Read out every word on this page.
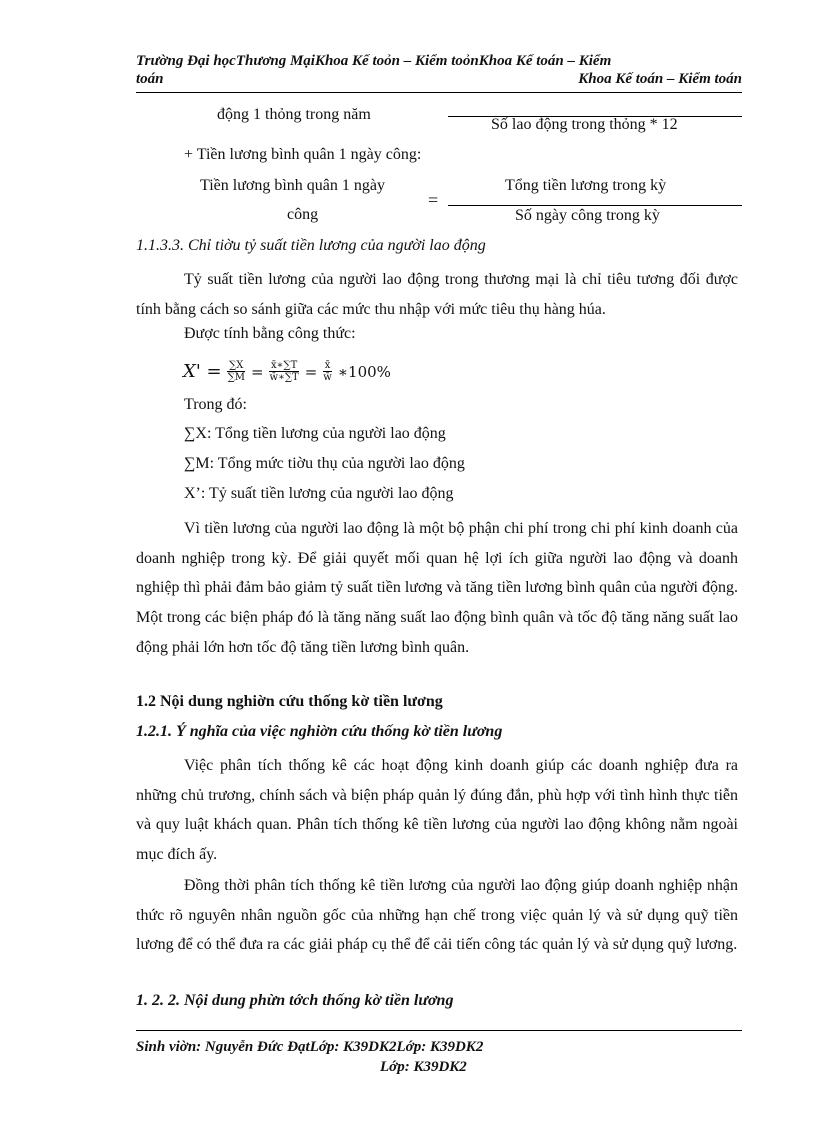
Trường Đại họcThương MạiKhoa Kế toỏn – Kiểm toỏnKhoa Kế toán – Kiểm
toán	Khoa Kế toán – Kiểm toán
động 1 thỏng trong năm
Số lao động trong thỏng * 12
+ Tiền lương bình quân 1 ngày công:
Tiền lương bình quân 1 ngày
công
=
Tổng tiền lương trong kỳ
Số ngày công trong kỳ
1.1.3.3. Chỉ tiờu tỷ suất tiền lương của người lao động
Tỷ suất tiền lương của người lao động trong thương mại là chỉ tiêu tương đối được tính bằng cách so sánh giữa các mức thu nhập với mức tiêu thụ hàng húa.
Được tính bằng công thức:
$X' = \frac{\sum X}{\sum M} = \frac{x̄∗\sum T}{w̄∗\sum T} = \frac{x̄}{w̄}$ ∗100%
Trong đó:
∑X: Tổng tiền lương của người lao động
∑M: Tổng mức tiờu thụ của người lao động
X’: Tỷ suất tiền lương của người lao động
Vì tiền lương của người lao động là một bộ phận chi phí trong chi phí kinh doanh của doanh nghiệp trong kỳ. Để giải quyết mối quan hệ lợi ích giữa người lao động và doanh nghiệp thì phải đảm bảo giảm tỷ suất tiền lương và tăng tiền lương bình quân của người động. Một trong các biện pháp đó là tăng năng suất lao động bình quân và tốc độ tăng năng suất lao động phải lớn hơn tốc độ tăng tiền lương bình quân.
1.2 Nội dung nghiờn cứu thống kờ tiền lương
1.2.1. Ý nghĩa của việc nghiờn cứu thống kờ tiền lương
Việc phân tích thống kê các hoạt động kinh doanh giúp các doanh nghiệp đưa ra những chủ trương, chính sách và biện pháp quản lý đúng đắn, phù hợp với tình hình thực tiễn và quy luật khách quan. Phân tích thống kê tiền lương của người lao động không nằm ngoài mục đích ấy.
Đồng thời phân tích thống kê tiền lương của người lao động giúp doanh nghiệp nhận thức rõ nguyên nhân nguồn gốc của những hạn chế trong việc quản lý và sử dụng quỹ tiền lương để có thể đưa ra các giải pháp cụ thể để cải tiến công tác quản lý và sử dụng quỹ lương.
1. 2. 2. Nội dung phừn tớch thống kờ tiền lương
Sinh viờn: Nguyễn Đức ĐạtLớp: K39DK2Lớp: K39DK2
Lớp: K39DK2
